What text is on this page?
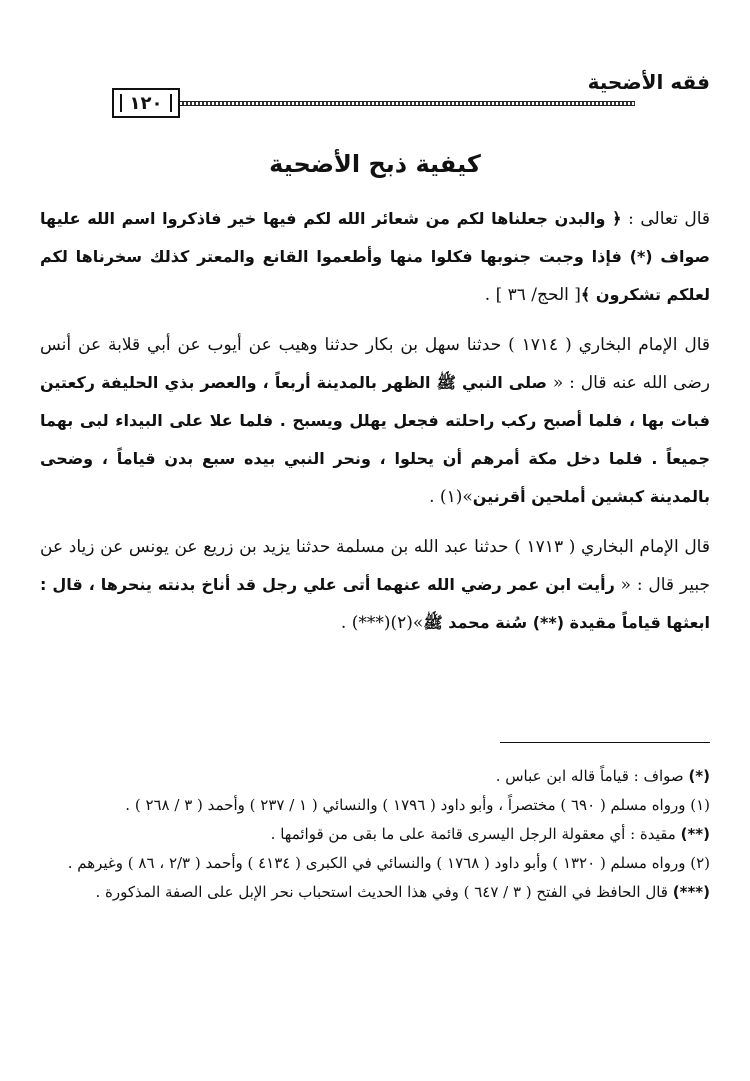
فقه الأضحية
١٢٠
كيفية ذبح الأضحية

قال تعالى : ﴿ والبدن جعلناها لكم من شعائر الله لكم فيها خير فاذكروا اسم الله عليها صواف (*) فإذا وجبت جنوبها فكلوا منها وأطعموا القانع والمعتر كذلك سخرناها لكم لعلكم تشكرون ﴾[ الحج/ ٣٦ ] .

قال الإمام البخاري ( ١٧١٤ ) حدثنا سهل بن بكار حدثنا وهيب عن أيوب عن أبي قلابة عن أنس رضى الله عنه قال : « صلى النبي ﷺ الظهر بالمدينة أربعاً ، والعصر بذي الحليفة ركعتين فبات بها ، فلما أصبح ركب راحلته فجعل يهلل ويسبح . فلما علا على البيداء لبى بهما جميعاً . فلما دخل مكة أمرهم أن يحلوا ، ونحر النبي بيده سبع بدن قياماً ، وضحى بالمدينة كبشين أملحين أقرنين»(١) .

قال الإمام البخاري ( ١٧١٣ ) حدثنا عبد الله بن مسلمة حدثنا يزيد بن زريع عن يونس عن زياد عن جبير قال : « رأيت ابن عمر رضي الله عنهما أتى علي رجل قد أناخ بدنته ينحرها ، قال : ابعثها قياماً مقيدة (**) سُنة محمد ﷺ»(٢)(***) .

(*) صواف : قياماً قاله ابن عباس .

(١) ورواه مسلم ( ٦٩٠ ) مختصراً ، وأبو داود ( ١٧٩٦ ) والنسائي ( ١ / ٢٣٧ ) وأحمد ( ٣ / ٢٦٨ ) .

(**) مقيدة : أي معقولة الرجل اليسرى قائمة على ما بقى من قوائمها .

(٢) ورواه مسلم ( ١٣٢٠ ) وأبو داود ( ١٧٦٨ ) والنسائي في الكبرى ( ٤١٣٤ ) وأحمد ( ٢/٣ ، ٨٦ ) وغيرهم .

(***) قال الحافظ في الفتح ( ٣ / ٦٤٧ ) وفي هذا الحديث استحباب نحر الإبل على الصفة المذكورة .
